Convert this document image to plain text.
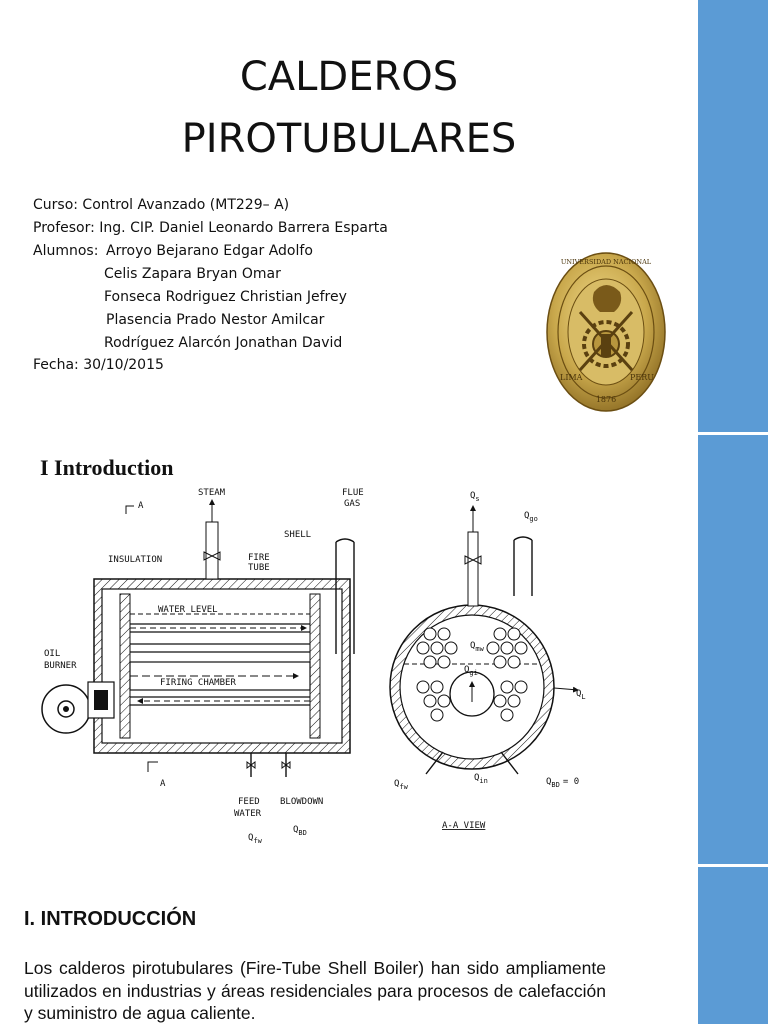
CALDEROS
PIROTUBULARES
Curso: Control Avanzado (MT229– A)
Profesor: Ing. CIP. Daniel Leonardo Barrera Esparta
Alumnos: Arroyo Bejarano Edgar Adolfo
Celis Zapara Bryan Omar
Fonseca Rodriguez Christian Jefrey
Plasencia Prado Nestor Amilcar
Rodríguez Alarcón Jonathan David
Fecha: 30/10/2015
UNIVERSIDAD NACIONAL
LIMA	PERU
1876
I Introduction
STEAM	FLUE
GAS
SHELL
INSULATION	FIRE
TUBE
WATER LEVEL
OIL
BURNER
FIRING CHAMBER
FEED
WATER
BLOWDOWN
A
A
$Q_{fw}$
$Q_{BD}$
$Q_s$
$Q_{go}$
$Q_{mw}$
$Q_{gi}$
$Q_L$
$Q_{in}$
$Q_{fw}$	$Q_{BD} = 0$
A-A VIEW
I. INTRODUCCIÓN
Los calderos pirotubulares (Fire-Tube Shell Boiler) han sido ampliamente utilizados en industrias y áreas residenciales para procesos de calefacción y suministro de agua caliente.
